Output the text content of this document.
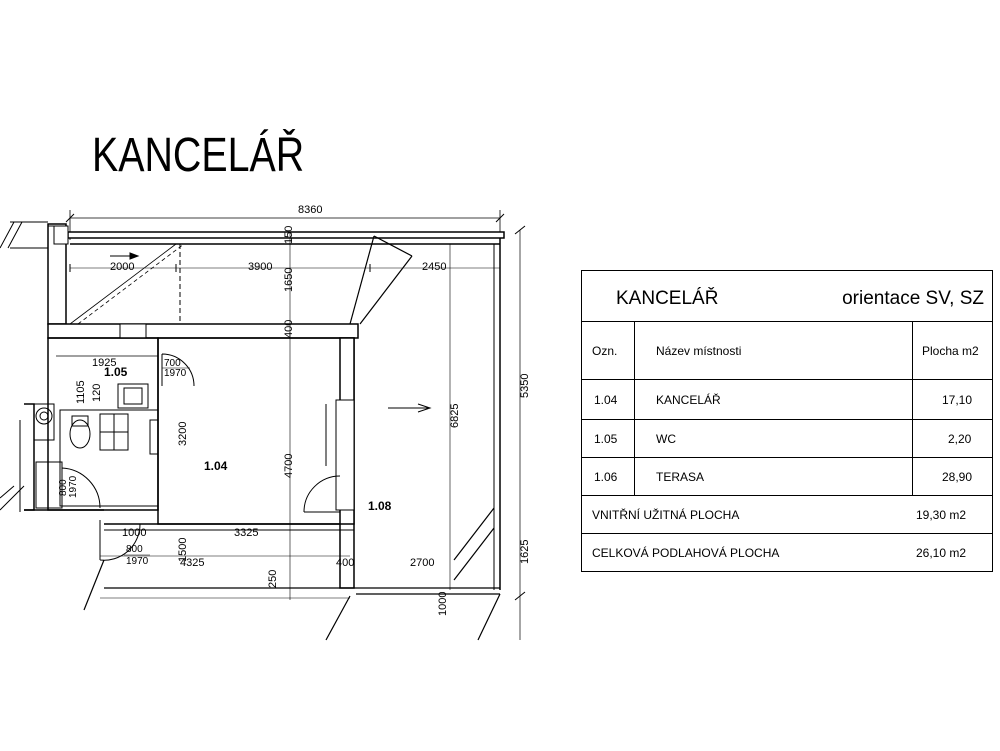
KANCELÁŘ
8360
2000	3900	2450
150
1650
400
6825
5350
1925
1105 120
3200
4700
1000	3325
1500
4325
250
400	2700	1625
1000
700
1970
800 1970
800
1970
1.05
1.04
1.08
KANCELÁŘ	orientace SV, SZ
Ozn.	Název místnosti	Plocha m2
1.04	KANCELÁŘ	17,10
1.05	WC	2,20
1.06	TERASA	28,90
VNITŘNÍ UŽITNÁ PLOCHA	19,30 m2
CELKOVÁ PODLAHOVÁ PLOCHA	26,10 m2
